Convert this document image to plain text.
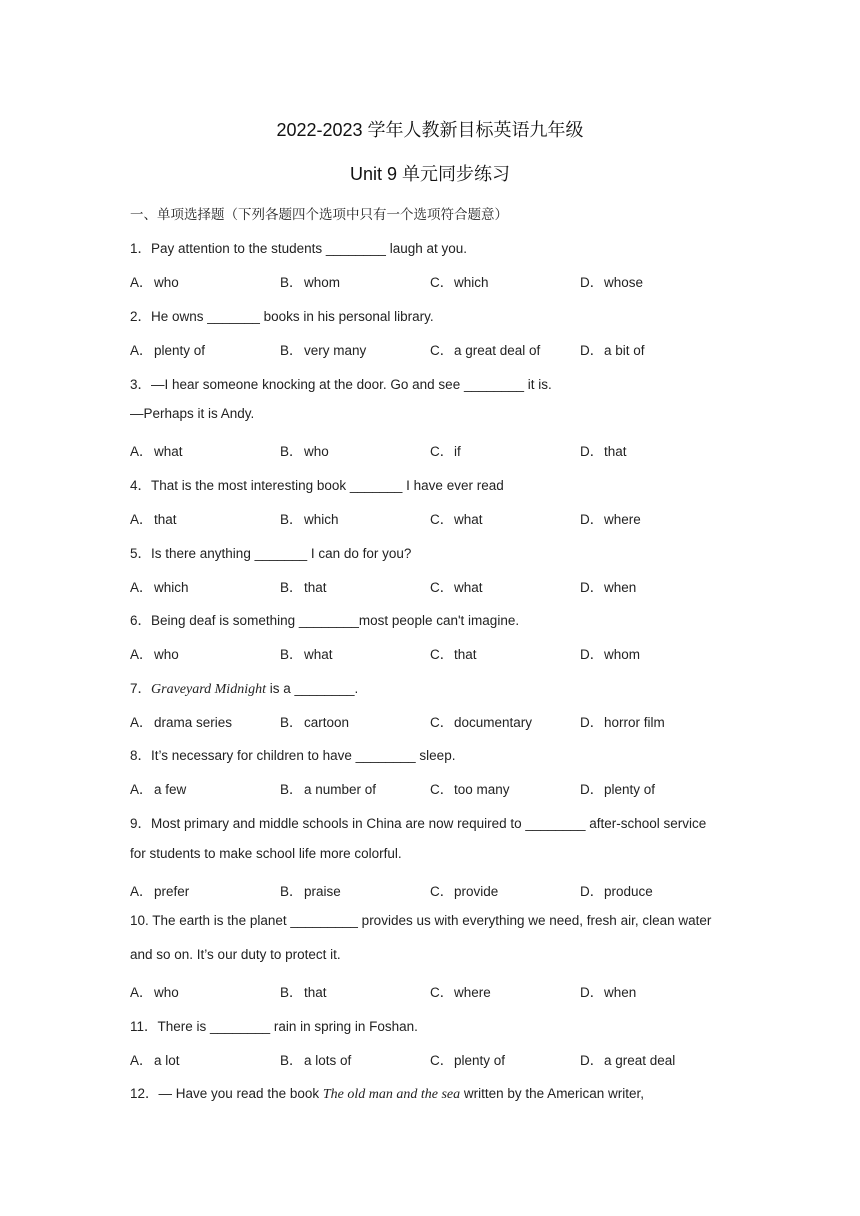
2022-2023 学年人教新目标英语九年级
Unit 9 单元同步练习
一、单项选择题（下列各题四个选项中只有一个选项符合题意）
1．Pay attention to the students ________ laugh at you.
A．who	B．whom	C．which	D．whose
2．He owns _______ books in his personal library.
A．plenty of	B．very many	C．a great deal of	D．a bit of
3．—I hear someone knocking at the door. Go and see ________ it is.
—Perhaps it is Andy.
A．what	B．who	C．if	D．that
4．That is the most interesting book _______ I have ever read
A．that	B．which	C．what	D．where
5．Is there anything _______ I can do for you?
A．which	B．that	C．what	D．when
6．Being deaf is something ________most people can't imagine.
A．who	B．what	C．that	D．whom
7．Graveyard Midnight is a ________.
A．drama series	B．cartoon	C．documentary	D．horror film
8．It’s necessary for children to have ________ sleep.
A．a few	B．a number of	C．too many	D．plenty of
9．Most primary and middle schools in China are now required to ________ after-school service
for students to make school life more colorful.
A．prefer	B．praise	C．provide	D．produce
10. The earth is the planet _________ provides us with everything we need, fresh air, clean water
and so on. It’s our duty to protect it.
A．who	B．that	C．where	D．when
11．There is ________ rain in spring in Foshan.
A．a lot	B．a lots of	C．plenty of	D．a great deal
12．— Have you read the book The old man and the sea written by the American writer,
